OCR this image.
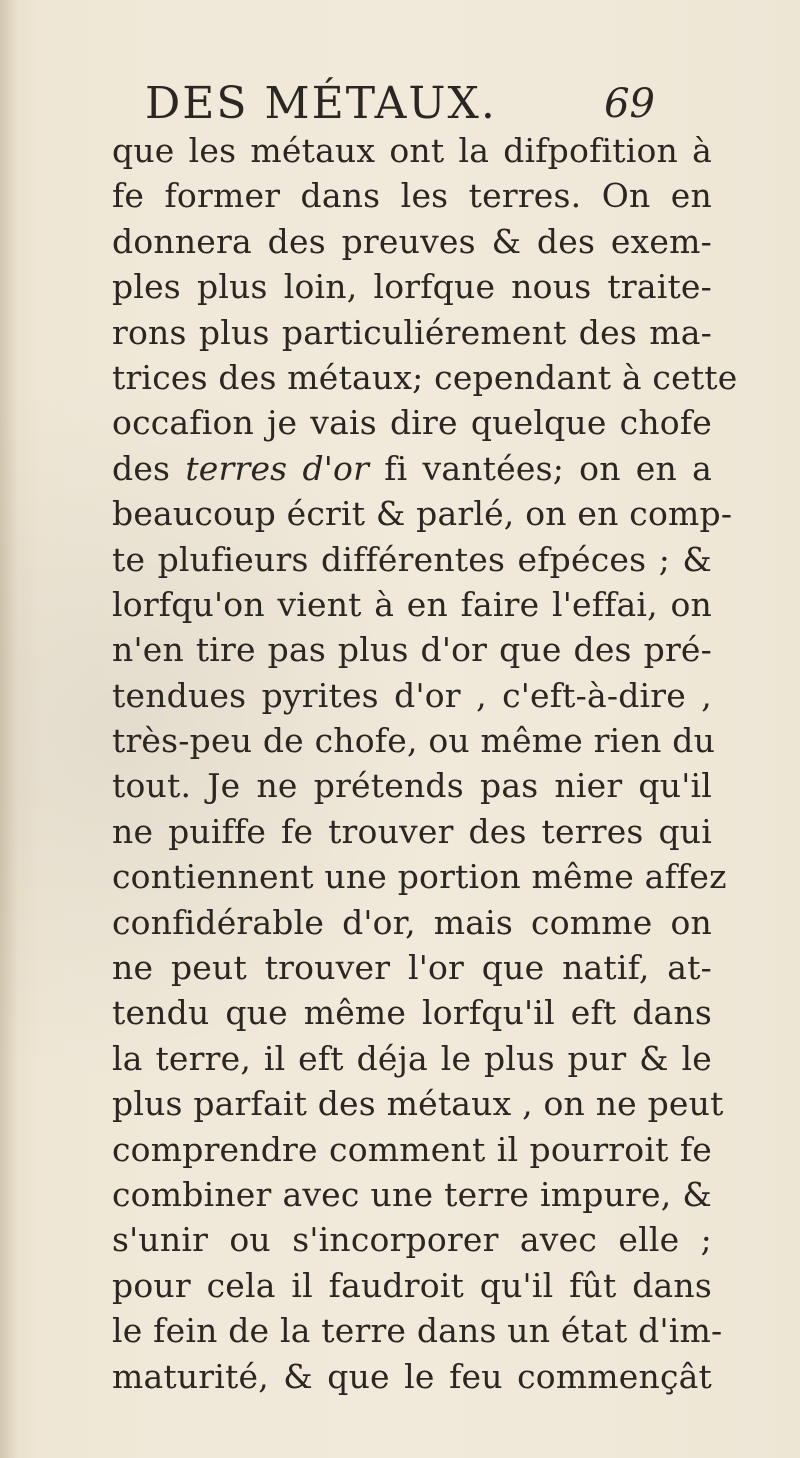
DES MÉTAUX.	69
que les métaux ont la difpofition à
fe former dans les terres. On en
donnera des preuves & des exem-
ples plus loin, lorfque nous traite-
rons plus particuliérement des ma-
trices des métaux; cependant à cette
occafion je vais dire quelque chofe
des terres d'or fi vantées; on en a
beaucoup écrit & parlé, on en comp-
te plufieurs différentes efpéces ; &
lorfqu'on vient à en faire l'effai, on
n'en tire pas plus d'or que des pré-
tendues pyrites d'or , c'eft-à-dire ,
très-peu de chofe, ou même rien du
tout. Je ne prétends pas nier qu'il
ne puiffe fe trouver des terres qui
contiennent une portion même affez
confidérable d'or, mais comme on
ne peut trouver l'or que natif, at-
tendu que même lorfqu'il eft dans
la terre, il eft déja le plus pur & le
plus parfait des métaux , on ne peut
comprendre comment il pourroit fe
combiner avec une terre impure, &
s'unir ou s'incorporer avec elle ;
pour cela il faudroit qu'il fût dans
le fein de la terre dans un état d'im-
maturité, & que le feu commençât
